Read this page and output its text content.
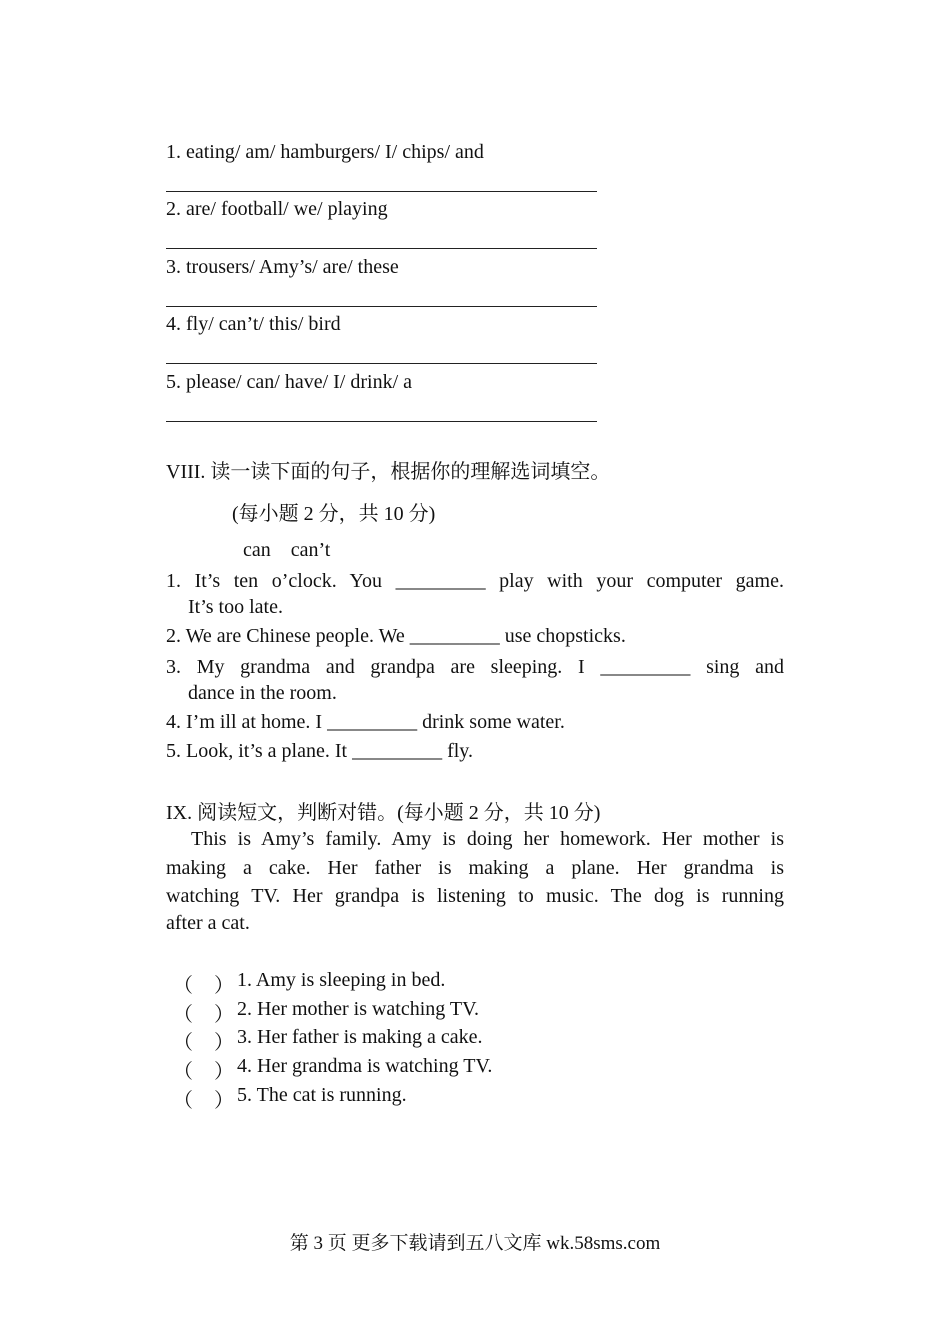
1. eating/ am/ hamburgers/ I/ chips/ and
2. are/ football/ we/ playing
3. trousers/ Amy’s/ are/ these
4. fly/ can’t/ this/ bird
5. please/ can/ have/ I/ drink/ a
VIII. 读一读下面的句子，根据你的理解选词填空。
(每小题 2 分，共 10 分)
can    can’t
1. It’s ten o’clock. You _________ play with your computer game.
It’s too late.
2. We are Chinese people. We _________ use chopsticks.
3. My grandma and grandpa are sleeping. I _________ sing and
dance in the room.
4. I’m ill at home. I _________ drink some water.
5. Look, it’s a plane. It _________ fly.
IX. 阅读短文，判断对错。(每小题 2 分，共 10 分)
This is Amy’s family. Amy is doing her homework. Her mother is
making a cake. Her father is making a plane. Her grandma is
watching TV. Her grandpa is listening to music. The dog is running
after a cat.
（ ） 1. Amy is sleeping in bed.
（ ） 2. Her mother is watching TV.
（ ） 3. Her father is making a cake.
（ ） 4. Her grandma is watching TV.
（ ） 5. The cat is running.
第 3 页 更多下载请到五八文库 wk.58sms.com
